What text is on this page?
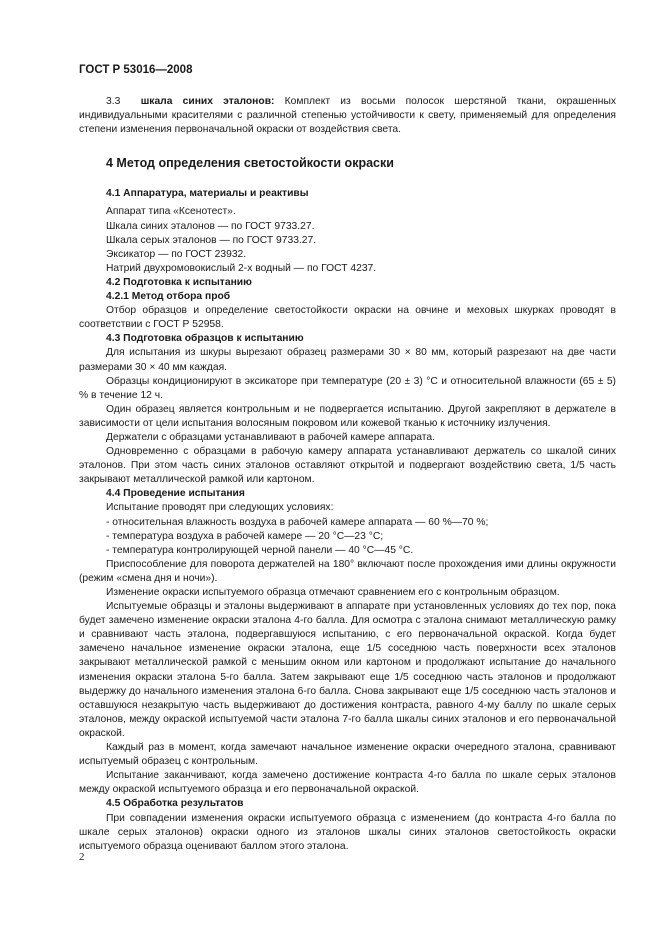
ГОСТ Р 53016—2008

3.3 шкала синих эталонов: Комплект из восьми полосок шерстяной ткани, окрашенных индивидуальными красителями с различной степенью устойчивости к свету, применяемый для определения степени изменения первоначальной окраски от воздействия света.

4 Метод определения светостойкости окраски
4.1 Аппаратура, материалы и реактивы

Аппарат типа «Ксенотест».

Шкала синих эталонов — по ГОСТ 9733.27.

Шкала серых эталонов — по ГОСТ 9733.27.

Эксикатор — по ГОСТ 23932.

Натрий двухромовокислый 2-х водный — по ГОСТ 4237.

4.2 Подготовка к испытанию
4.2.1 Метод отбора проб

Отбор образцов и определение светостойкости окраски на овчине и меховых шкурках проводят в соответствии с ГОСТ Р 52958.

4.3 Подготовка образцов к испытанию

Для испытания из шкуры вырезают образец размерами 30 × 80 мм, который разрезают на две части размерами 30 × 40 мм каждая.

Образцы кондиционируют в эксикаторе при температуре (20 ± 3) °С и относительной влажности (65 ± 5) % в течение 12 ч.

Один образец является контрольным и не подвергается испытанию. Другой закрепляют в держателе в зависимости от цели испытания волосяным покровом или кожевой тканью к источнику излучения.

Держатели с образцами устанавливают в рабочей камере аппарата.

Одновременно с образцами в рабочую камеру аппарата устанавливают держатель со шкалой синих эталонов. При этом часть синих эталонов оставляют открытой и подвергают воздействию света, 1/5 часть закрывают металлической рамкой или картоном.

4.4 Проведение испытания

Испытание проводят при следующих условиях:

- относительная влажность воздуха в рабочей камере аппарата — 60 %—70 %;

- температура воздуха в рабочей камере — 20 °С—23 °С;

- температура контролирующей черной панели — 40 °С—45 °С.

Приспособление для поворота держателей на 180° включают после прохождения ими длины окружности (режим «смена дня и ночи»).

Изменение окраски испытуемого образца отмечают сравнением его с контрольным образцом.

Испытуемые образцы и эталоны выдерживают в аппарате при установленных условиях до тех пор, пока будет замечено изменение окраски эталона 4-го балла. Для осмотра с эталона снимают металлическую рамку и сравнивают часть эталона, подвергавшуюся испытанию, с его первоначальной окраской. Когда будет замечено начальное изменение окраски эталона, еще 1/5 соседнюю часть поверхности всех эталонов закрывают металлической рамкой с меньшим окном или картоном и продолжают испытание до начального изменения окраски эталона 5-го балла. Затем закрывают еще 1/5 соседнюю часть эталонов и продолжают выдержку до начального изменения эталона 6-го балла. Снова закрывают еще 1/5 соседнюю часть эталонов и оставшуюся незакрытую часть выдерживают до достижения контраста, равного 4-му баллу по шкале серых эталонов, между окраской испытуемой части эталона 7-го балла шкалы синих эталонов и его первоначальной окраской.

Каждый раз в момент, когда замечают начальное изменение окраски очередного эталона, сравнивают испытуемый образец с контрольным.

Испытание заканчивают, когда замечено достижение контраста 4-го балла по шкале серых эталонов между окраской испытуемого образца и его первоначальной окраской.

4.5 Обработка результатов

При совпадении изменения окраски испытуемого образца с изменением (до контраста 4-го балла по шкале серых эталонов) окраски одного из эталонов шкалы синих эталонов светостойкость окраски испытуемого образца оценивают баллом этого эталона.

2
